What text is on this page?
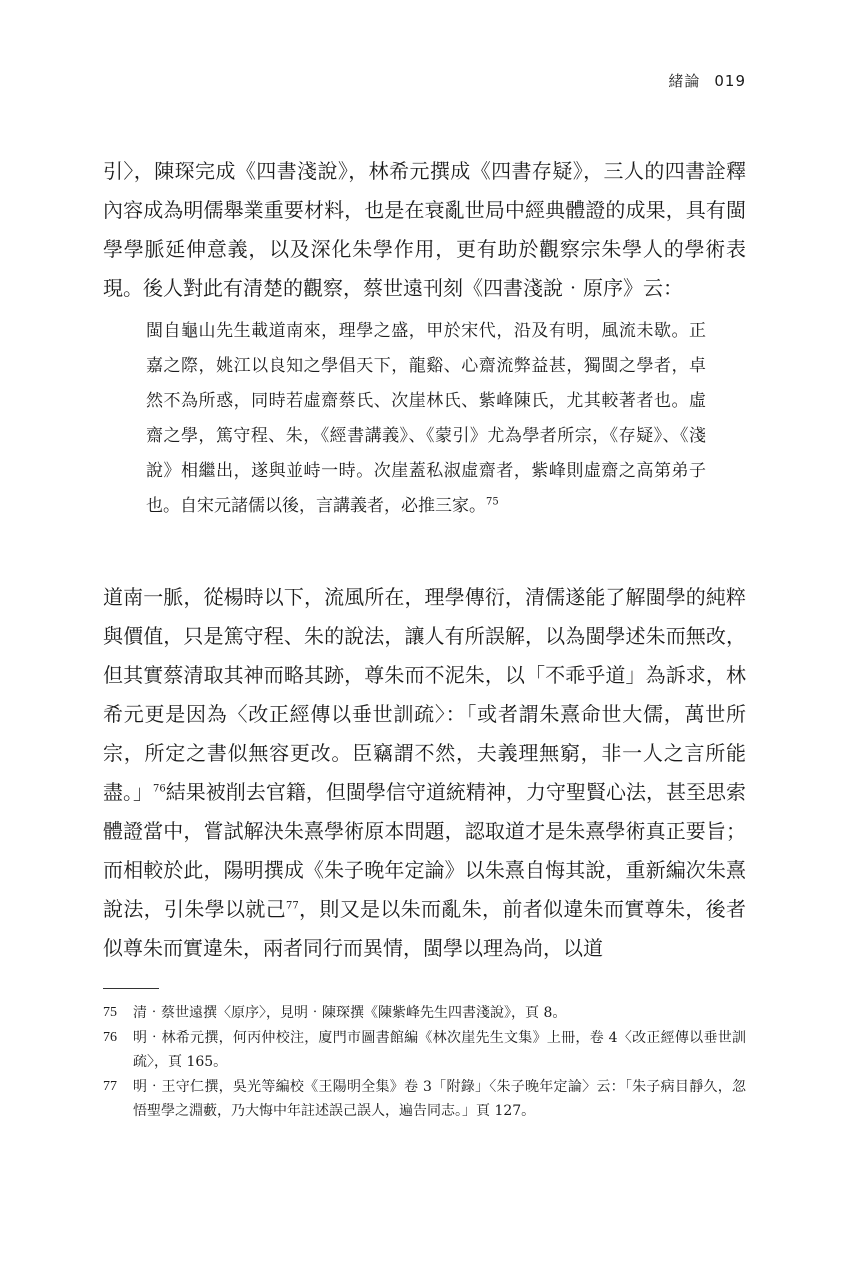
緒論 019

引〉，陳琛完成《四書淺說》，林希元撰成《四書存疑》，三人的四書詮釋內容成為明儒舉業重要材料，也是在衰亂世局中經典體證的成果，具有閩學學脈延伸意義，以及深化朱學作用，更有助於觀察宗朱學人的學術表現。後人對此有清楚的觀察，蔡世遠刊刻《四書淺說‧原序》云：

閩自龜山先生載道南來，理學之盛，甲於宋代，沿及有明，風流未歇。正嘉之際，姚江以良知之學倡天下，龍谿、心齋流弊益甚，獨閩之學者，卓然不為所惑，同時若虛齋蔡氏、次崖林氏、紫峰陳氏，尤其較著者也。虛齋之學，篤守程、朱，《經書講義》、《蒙引》尤為學者所宗，《存疑》、《淺說》相繼出，遂與並峙一時。次崖蓋私淑虛齋者，紫峰則虛齋之高第弟子也。自宋元諸儒以後，言講義者，必推三家。$^{75}$

道南一脈，從楊時以下，流風所在，理學傳衍，清儒遂能了解閩學的純粹與價值，只是篤守程、朱的說法，讓人有所誤解，以為閩學述朱而無改，但其實蔡清取其神而略其跡，尊朱而不泥朱，以「不乖乎道」為訴求，林希元更是因為〈改正經傳以垂世訓疏〉：「或者謂朱熹命世大儒，萬世所宗，所定之書似無容更改。臣竊謂不然，夫義理無窮，非一人之言所能盡。」$^{76}$結果被削去官籍，但閩學信守道統精神，力守聖賢心法，甚至思索體證當中，嘗試解決朱熹學術原本問題，認取道才是朱熹學術真正要旨；而相較於此，陽明撰成《朱子晚年定論》以朱熹自悔其說，重新編次朱熹說法，引朱學以就己$^{77}$，則又是以朱而亂朱，前者似違朱而實尊朱，後者似尊朱而實違朱，兩者同行而異情，閩學以理為尚，以道

75	清‧蔡世遠撰〈原序〉，見明‧陳琛撰《陳紫峰先生四書淺說》，頁 8。

76	明‧林希元撰，何丙仲校注，廈門市圖書館編《林次崖先生文集》上冊，卷 4〈改正經傳以垂世訓疏〉，頁 165。

77	明‧王守仁撰，吳光等編校《王陽明全集》卷 3「附錄」〈朱子晚年定論〉云：「朱子病目靜久，忽悟聖學之淵藪，乃大悔中年註述誤己誤人，遍告同志。」頁 127。
